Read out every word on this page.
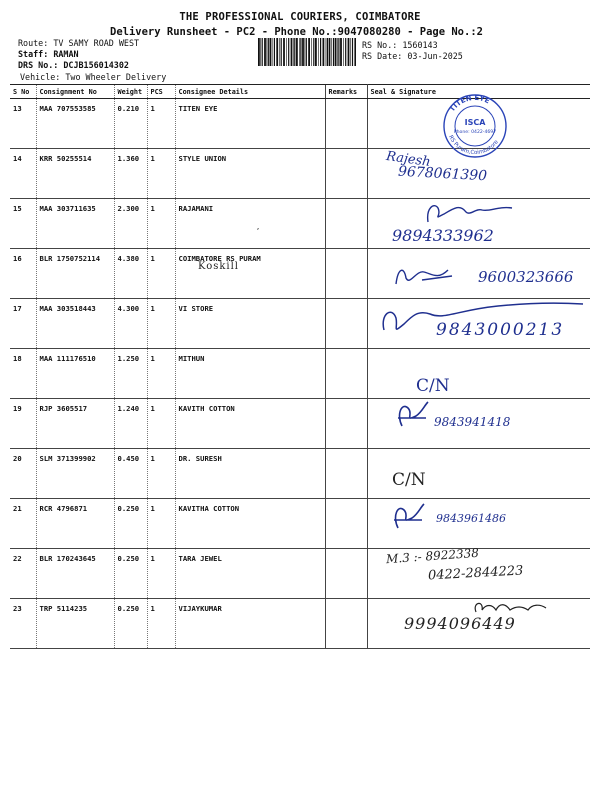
THE PROFESSIONAL COURIERS, COIMBATORE
Delivery Runsheet - PC2 - Phone No.:9047080280 - Page No.:2
Route: TV SAMY ROAD WEST
Staff: RAMAN
DRS No.: DCJB156014302
Vehicle: Two Wheeler Delivery
RS No.: 1560143
RS Date: 03-Jun-2025
S No	Consignment No	Weight	PCS	Consignee Details	Remarks	Seal & Signature
13	MAA 707553585	0.210	1	TITEN EYE		
14	KRR 50255514	1.360	1	STYLE UNION		
15	MAA 303711635	2.300	1	RAJAMANI		
16	BLR 1750752114	4.380	1	COIMBATORE RS PURAM		
17	MAA 303518443	4.300	1	VI STORE		
18	MAA 111176510	1.250	1	MITHUN		
19	RJP 3605517	1.240	1	KAVITH COTTON		
20	SLM 371399902	0.450	1	DR. SURESH		
21	RCR 4796871	0.250	1	KAVITHA COTTON		
22	BLR 170243645	0.250	1	TARA JEWEL		
23	TRP 5114235	0.250	1	VIJAYKUMAR		
TITEN EYE
RS Puram,Coimbatore
ISCA
Phone: 0422-4697
Rajesh
9678061390
9894333962
Koskill
9600323666
9843000213
C/N
9843941418
C/N
9843961486
M.3 :- 8922338
0422-2844223
9994096449
,
